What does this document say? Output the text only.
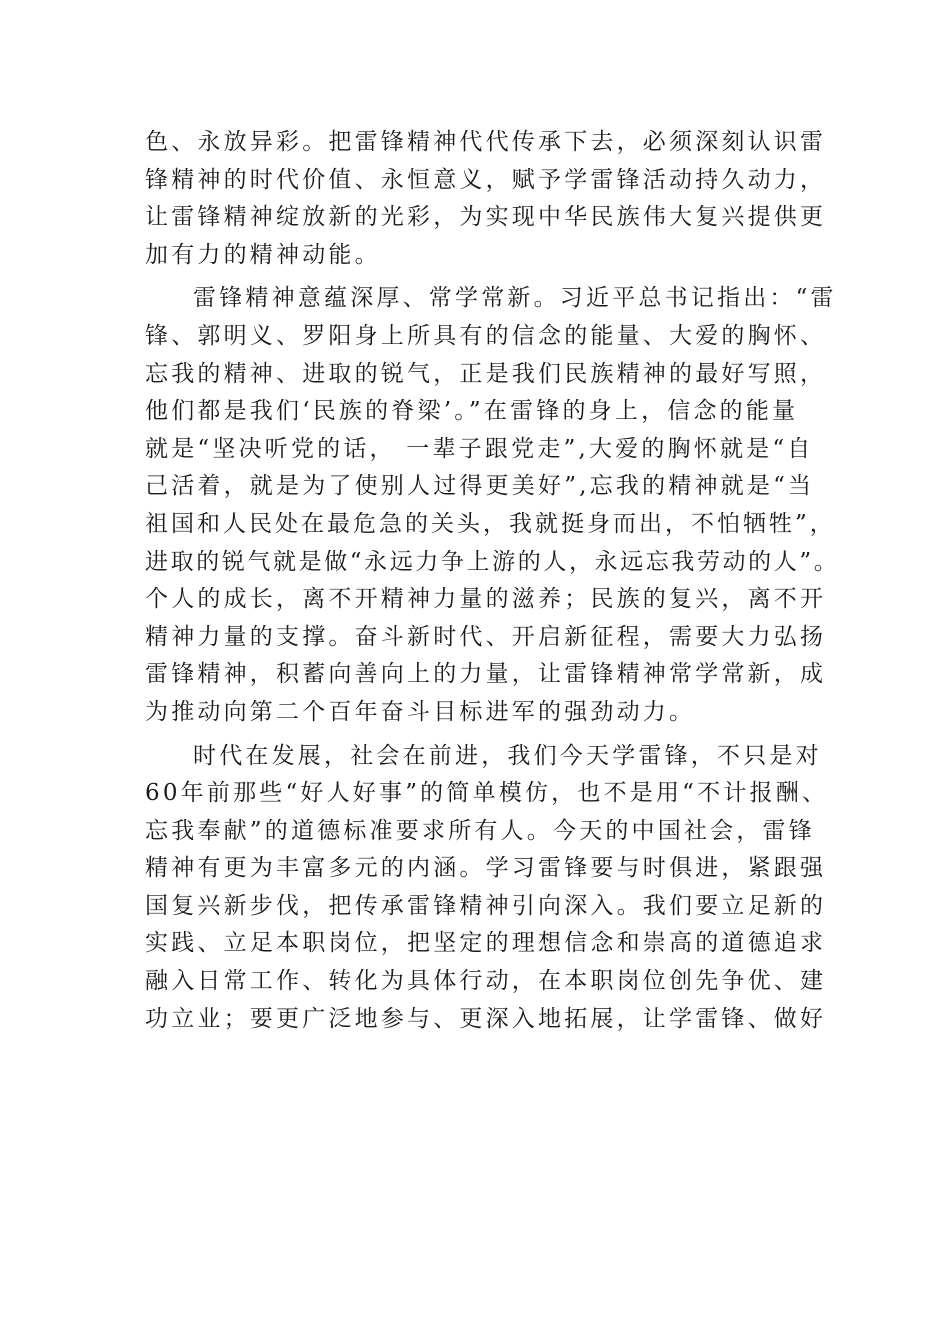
色、永放异彩。把雷锋精神代代传承下去，必须深刻认识雷
锋精神的时代价值、永恒意义，赋予学雷锋活动持久动力，
让雷锋精神绽放新的光彩，为实现中华民族伟大复兴提供更
加有力的精神动能。

雷锋精神意蕴深厚、常学常新。习近平总书记指出：“雷
锋、郭明义、罗阳身上所具有的信念的能量、大爱的胸怀、
忘我的精神、进取的锐气，正是我们民族精神的最好写照，
他们都是我们‘民族的脊梁’。”在雷锋的身上，信念的能量
就是“坚决听党的话， 一辈子跟党走”,大爱的胸怀就是“自
己活着，就是为了使别人过得更美好”,忘我的精神就是“当
祖国和人民处在最危急的关头，我就挺身而出，不怕牺牲”，
进取的锐气就是做“永远力争上游的人，永远忘我劳动的人”。
个人的成长，离不开精神力量的滋养；民族的复兴，离不开
精神力量的支撑。奋斗新时代、开启新征程，需要大力弘扬
雷锋精神，积蓄向善向上的力量，让雷锋精神常学常新，成
为推动向第二个百年奋斗目标进军的强劲动力。

时代在发展，社会在前进，我们今天学雷锋，不只是对
60年前那些“好人好事”的简单模仿，也不是用“不计报酬、
忘我奉献”的道德标准要求所有人。今天的中国社会，雷锋
精神有更为丰富多元的内涵。学习雷锋要与时俱进，紧跟强
国复兴新步伐，把传承雷锋精神引向深入。我们要立足新的
实践、立足本职岗位，把坚定的理想信念和崇高的道德追求
融入日常工作、转化为具体行动，在本职岗位创先争优、建
功立业；要更广泛地参与、更深入地拓展，让学雷锋、做好
